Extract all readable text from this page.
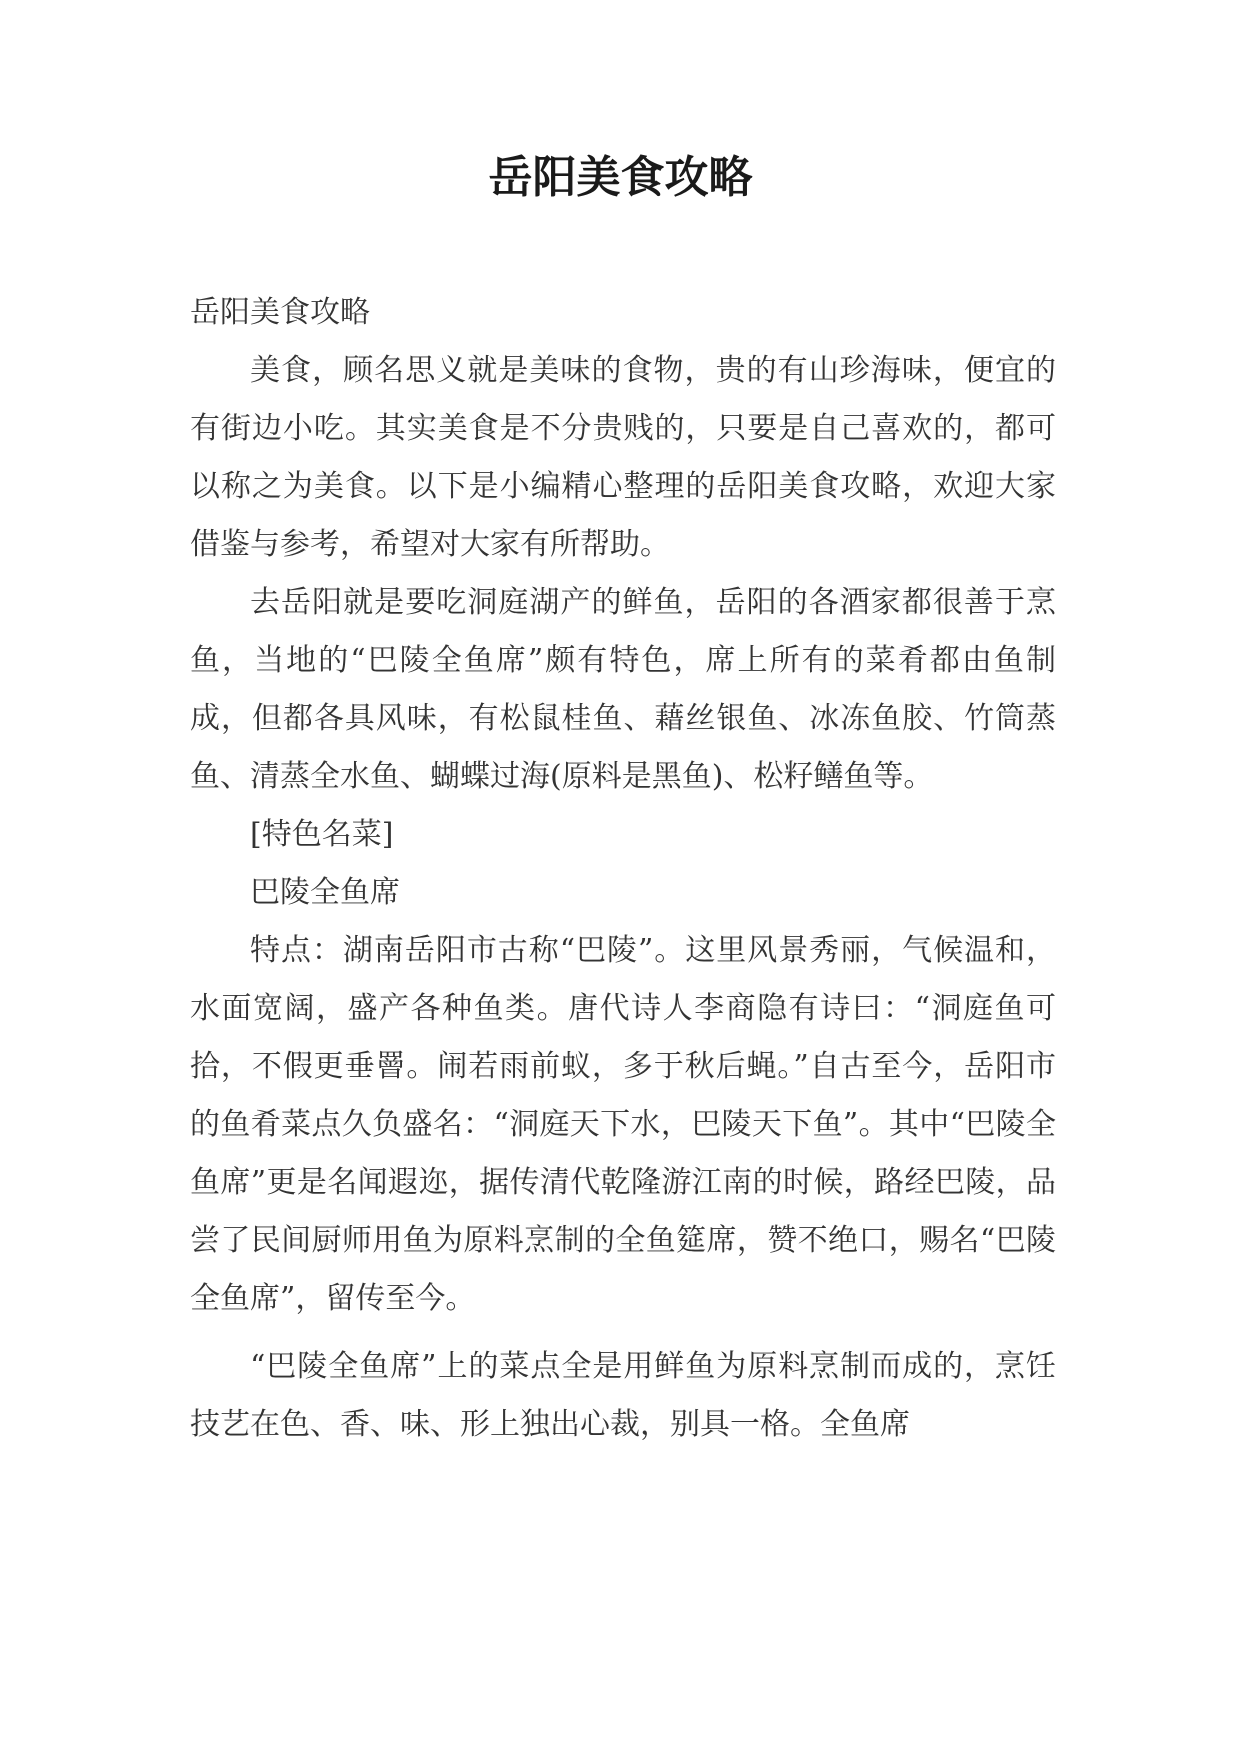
岳阳美食攻略

岳阳美食攻略

美食，顾名思义就是美味的食物，贵的有山珍海味，便宜的有街边小吃。其实美食是不分贵贱的，只要是自己喜欢的，都可以称之为美食。以下是小编精心整理的岳阳美食攻略，欢迎大家借鉴与参考，希望对大家有所帮助。

去岳阳就是要吃洞庭湖产的鲜鱼，岳阳的各酒家都很善于烹鱼，当地的“巴陵全鱼席”颇有特色，席上所有的菜肴都由鱼制成，但都各具风味，有松鼠桂鱼、藉丝银鱼、冰冻鱼胶、竹筒蒸鱼、清蒸全水鱼、蝴蝶过海(原料是黑鱼)、松籽鳝鱼等。

[特色名菜]

巴陵全鱼席

特点：湖南岳阳市古称“巴陵”。这里风景秀丽，气候温和，水面宽阔，盛产各种鱼类。唐代诗人李商隐有诗曰：“洞庭鱼可拾，不假更垂罾。闹若雨前蚁，多于秋后蝇。”自古至今，岳阳市的鱼肴菜点久负盛名：“洞庭天下水，巴陵天下鱼”。其中“巴陵全鱼席”更是名闻遐迩，据传清代乾隆游江南的时候，路经巴陵，品尝了民间厨师用鱼为原料烹制的全鱼筵席，赞不绝口，赐名“巴陵全鱼席”，留传至今。

“巴陵全鱼席”上的菜点全是用鲜鱼为原料烹制而成的，烹饪技艺在色、香、味、形上独出心裁，别具一格。全鱼席
